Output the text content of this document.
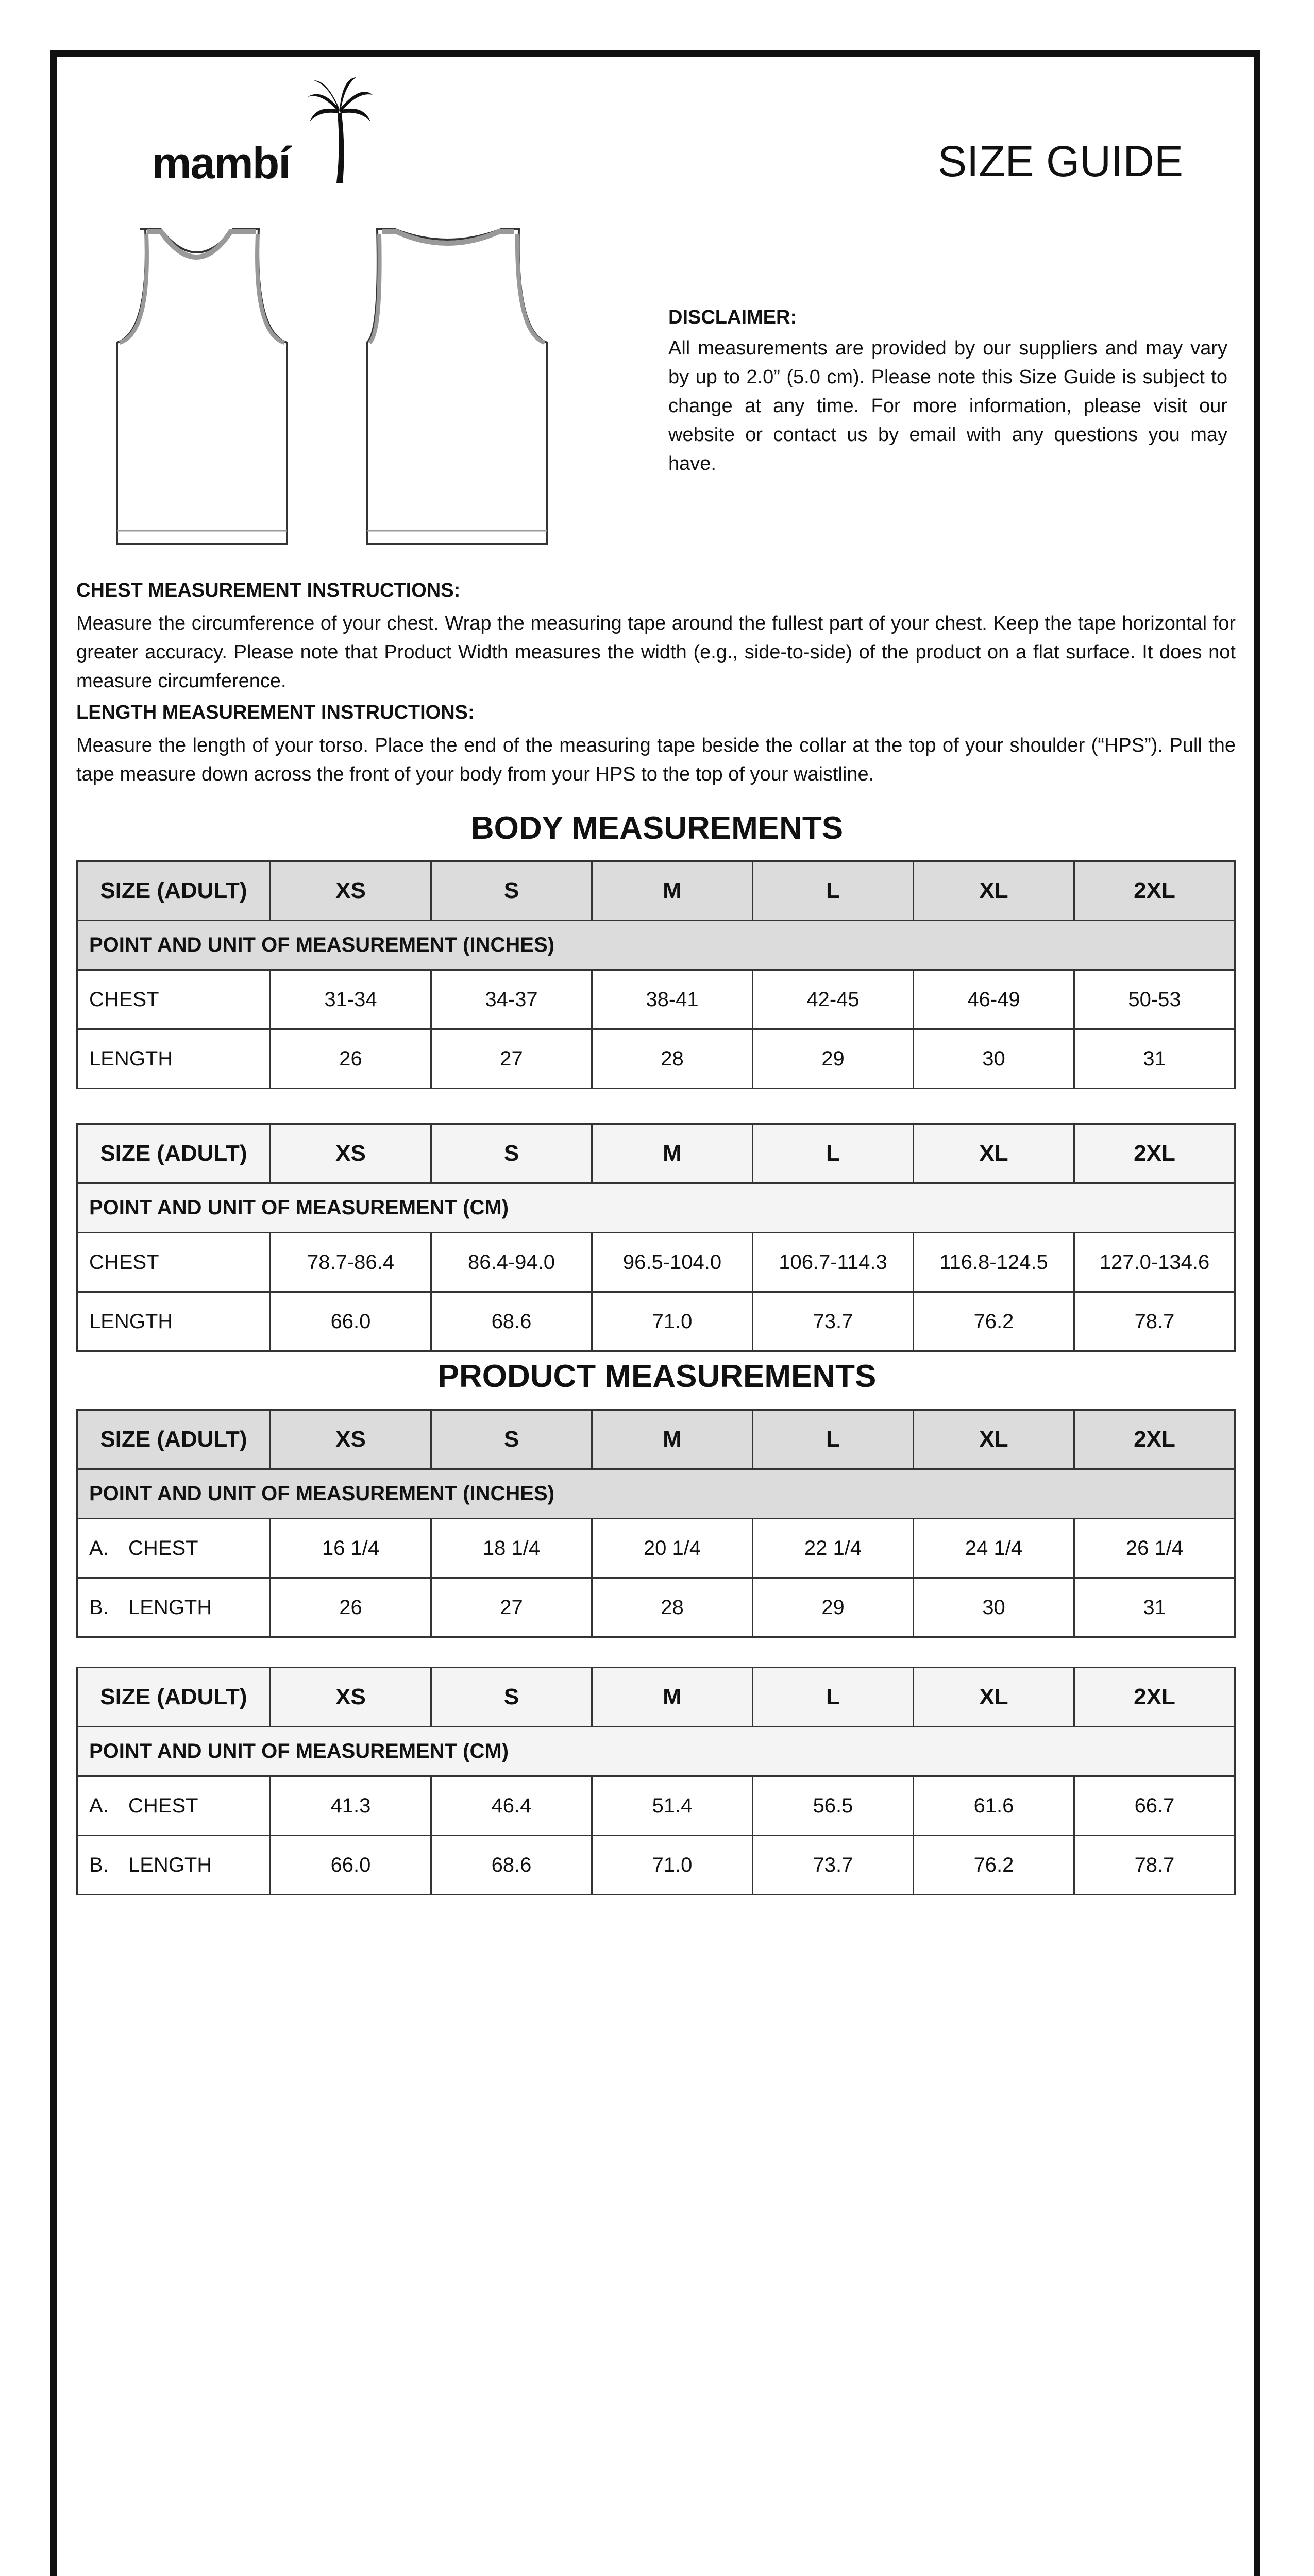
mambí	SIZE GUIDE
DISCLAIMER:
All measurements are provided by our suppliers and may vary by up to 2.0” (5.0 cm). Please note this Size Guide is subject to change at any time. For more information, please visit our website or contact us by email with any questions you may have.
CHEST MEASUREMENT INSTRUCTIONS:
Measure the circumference of your chest. Wrap the measuring tape around the fullest part of your chest. Keep the tape horizontal for greater accuracy. Please note that Product Width measures the width (e.g., side-to-side) of the product on a flat surface. It does not measure circumference.
LENGTH MEASUREMENT INSTRUCTIONS:
Measure the length of your torso. Place the end of the measuring tape beside the collar at the top of your shoulder (“HPS”). Pull the tape measure down across the front of your body from your HPS to the top of your waistline.
BODY MEASUREMENTS
SIZE (ADULT)	XS	S	M	L	XL	2XL
POINT AND UNIT OF MEASUREMENT (INCHES)						
CHEST	31-34	34-37	38-41	42-45	46-49	50-53
LENGTH	26	27	28	29	30	31
SIZE (ADULT)	XS	S	M	L	XL	2XL
POINT AND UNIT OF MEASUREMENT (CM)						
CHEST	78.7-86.4	86.4-94.0	96.5-104.0	106.7-114.3	116.8-124.5	127.0-134.6
LENGTH	66.0	68.6	71.0	73.7	76.2	78.7
PRODUCT MEASUREMENTS
SIZE (ADULT)	XS	S	M	L	XL	2XL
POINT AND UNIT OF MEASUREMENT (INCHES)						
A. CHEST	16 1/4	18 1/4	20 1/4	22 1/4	24 1/4	26 1/4
B. LENGTH	26	27	28	29	30	31
SIZE (ADULT)	XS	S	M	L	XL	2XL
POINT AND UNIT OF MEASUREMENT (CM)						
A. CHEST	41.3	46.4	51.4	56.5	61.6	66.7
B. LENGTH	66.0	68.6	71.0	73.7	76.2	78.7
